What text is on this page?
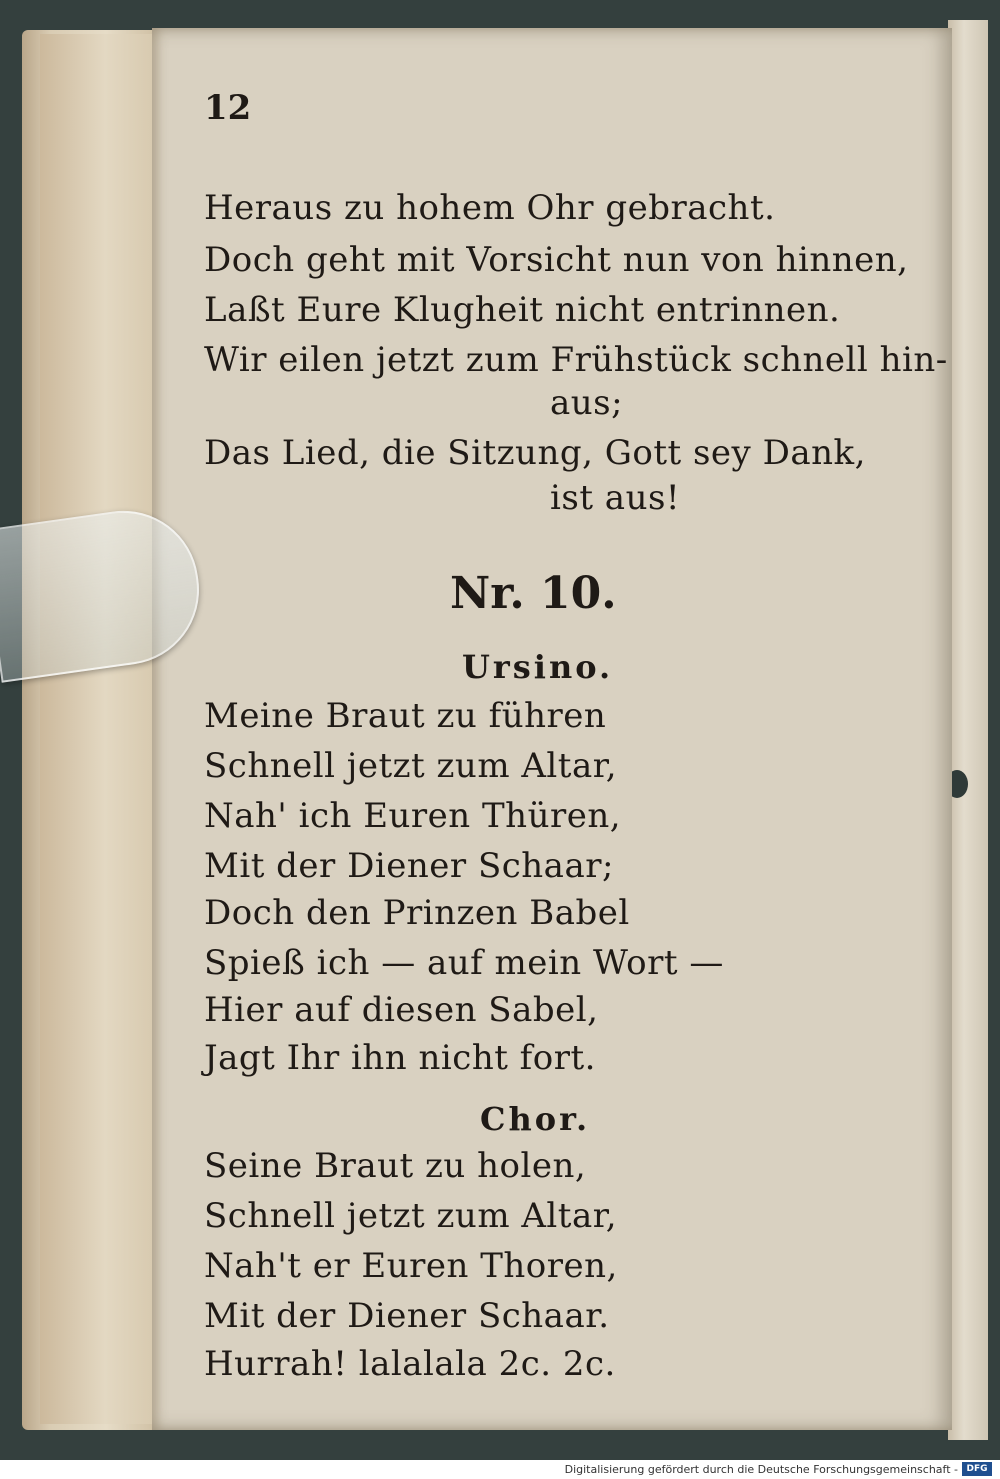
12
Heraus zu hohem Ohr gebracht.
Doch geht mit Vorsicht nun von hinnen,
Laßt Eure Klugheit nicht entrinnen.
Wir eilen jetzt zum Frühstück schnell hin-
aus;
Das Lied, die Sitzung, Gott sey Dank,
ist aus!
Nr. 10.
Ursino.
Meine Braut zu führen
Schnell jetzt zum Altar,
Nah' ich Euren Thüren,
Mit der Diener Schaar;
Doch den Prinzen Babel
Spieß ich — auf mein Wort —
Hier auf diesen Sabel,
Jagt Ihr ihn nicht fort.
Chor.
Seine Braut zu holen,
Schnell jetzt zum Altar,
Nah't er Euren Thoren,
Mit der Diener Schaar.
Hurrah! lalalala 2c. 2c.
Digitalisierung gefördert durch die Deutsche Forschungsgemeinschaft - DFG
